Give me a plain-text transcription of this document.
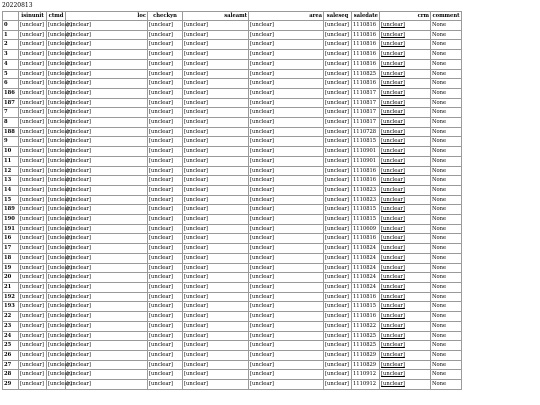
20220813
	isinunit	ctmd	loc	checkyn	saleamt	area	saleseq	saledate	crm	comment
0	[unclear]	[unclear]	[unclear]	[unclear]	[unclear]	[unclear]	[unclear]	1110816	[unclear]	None
1	[unclear]	[unclear]	[unclear]	[unclear]	[unclear]	[unclear]	[unclear]	1110816	[unclear]	None
2	[unclear]	[unclear]	[unclear]	[unclear]	[unclear]	[unclear]	[unclear]	1110816	[unclear]	None
3	[unclear]	[unclear]	[unclear]	[unclear]	[unclear]	[unclear]	[unclear]	1110816	[unclear]	None
4	[unclear]	[unclear]	[unclear]	[unclear]	[unclear]	[unclear]	[unclear]	1110816	[unclear]	None
5	[unclear]	[unclear]	[unclear]	[unclear]	[unclear]	[unclear]	[unclear]	1110825	[unclear]	None
6	[unclear]	[unclear]	[unclear]	[unclear]	[unclear]	[unclear]	[unclear]	1110816	[unclear]	None
186	[unclear]	[unclear]	[unclear]	[unclear]	[unclear]	[unclear]	[unclear]	1110817	[unclear]	None
187	[unclear]	[unclear]	[unclear]	[unclear]	[unclear]	[unclear]	[unclear]	1110817	[unclear]	None
7	[unclear]	[unclear]	[unclear]	[unclear]	[unclear]	[unclear]	[unclear]	1110817	[unclear]	None
8	[unclear]	[unclear]	[unclear]	[unclear]	[unclear]	[unclear]	[unclear]	1110817	[unclear]	None
188	[unclear]	[unclear]	[unclear]	[unclear]	[unclear]	[unclear]	[unclear]	1110728	[unclear]	None
9	[unclear]	[unclear]	[unclear]	[unclear]	[unclear]	[unclear]	[unclear]	1110815	[unclear]	None
10	[unclear]	[unclear]	[unclear]	[unclear]	[unclear]	[unclear]	[unclear]	1110901	[unclear]	None
11	[unclear]	[unclear]	[unclear]	[unclear]	[unclear]	[unclear]	[unclear]	1110901	[unclear]	None
12	[unclear]	[unclear]	[unclear]	[unclear]	[unclear]	[unclear]	[unclear]	1110816	[unclear]	None
13	[unclear]	[unclear]	[unclear]	[unclear]	[unclear]	[unclear]	[unclear]	1110816	[unclear]	None
14	[unclear]	[unclear]	[unclear]	[unclear]	[unclear]	[unclear]	[unclear]	1110823	[unclear]	None
15	[unclear]	[unclear]	[unclear]	[unclear]	[unclear]	[unclear]	[unclear]	1110823	[unclear]	None
189	[unclear]	[unclear]	[unclear]	[unclear]	[unclear]	[unclear]	[unclear]	1110815	[unclear]	None
190	[unclear]	[unclear]	[unclear]	[unclear]	[unclear]	[unclear]	[unclear]	1110815	[unclear]	None
191	[unclear]	[unclear]	[unclear]	[unclear]	[unclear]	[unclear]	[unclear]	1110609	[unclear]	None
16	[unclear]	[unclear]	[unclear]	[unclear]	[unclear]	[unclear]	[unclear]	1110816	[unclear]	None
17	[unclear]	[unclear]	[unclear]	[unclear]	[unclear]	[unclear]	[unclear]	1110824	[unclear]	None
18	[unclear]	[unclear]	[unclear]	[unclear]	[unclear]	[unclear]	[unclear]	1110824	[unclear]	None
19	[unclear]	[unclear]	[unclear]	[unclear]	[unclear]	[unclear]	[unclear]	1110824	[unclear]	None
20	[unclear]	[unclear]	[unclear]	[unclear]	[unclear]	[unclear]	[unclear]	1110824	[unclear]	None
21	[unclear]	[unclear]	[unclear]	[unclear]	[unclear]	[unclear]	[unclear]	1110824	[unclear]	None
192	[unclear]	[unclear]	[unclear]	[unclear]	[unclear]	[unclear]	[unclear]	1110816	[unclear]	None
193	[unclear]	[unclear]	[unclear]	[unclear]	[unclear]	[unclear]	[unclear]	1110815	[unclear]	None
22	[unclear]	[unclear]	[unclear]	[unclear]	[unclear]	[unclear]	[unclear]	1110816	[unclear]	None
23	[unclear]	[unclear]	[unclear]	[unclear]	[unclear]	[unclear]	[unclear]	1110822	[unclear]	None
24	[unclear]	[unclear]	[unclear]	[unclear]	[unclear]	[unclear]	[unclear]	1110825	[unclear]	None
25	[unclear]	[unclear]	[unclear]	[unclear]	[unclear]	[unclear]	[unclear]	1110825	[unclear]	None
26	[unclear]	[unclear]	[unclear]	[unclear]	[unclear]	[unclear]	[unclear]	1110829	[unclear]	None
27	[unclear]	[unclear]	[unclear]	[unclear]	[unclear]	[unclear]	[unclear]	1110829	[unclear]	None
28	[unclear]	[unclear]	[unclear]	[unclear]	[unclear]	[unclear]	[unclear]	1110912	[unclear]	None
29	[unclear]	[unclear]	[unclear]	[unclear]	[unclear]	[unclear]	[unclear]	1110912	[unclear]	None
